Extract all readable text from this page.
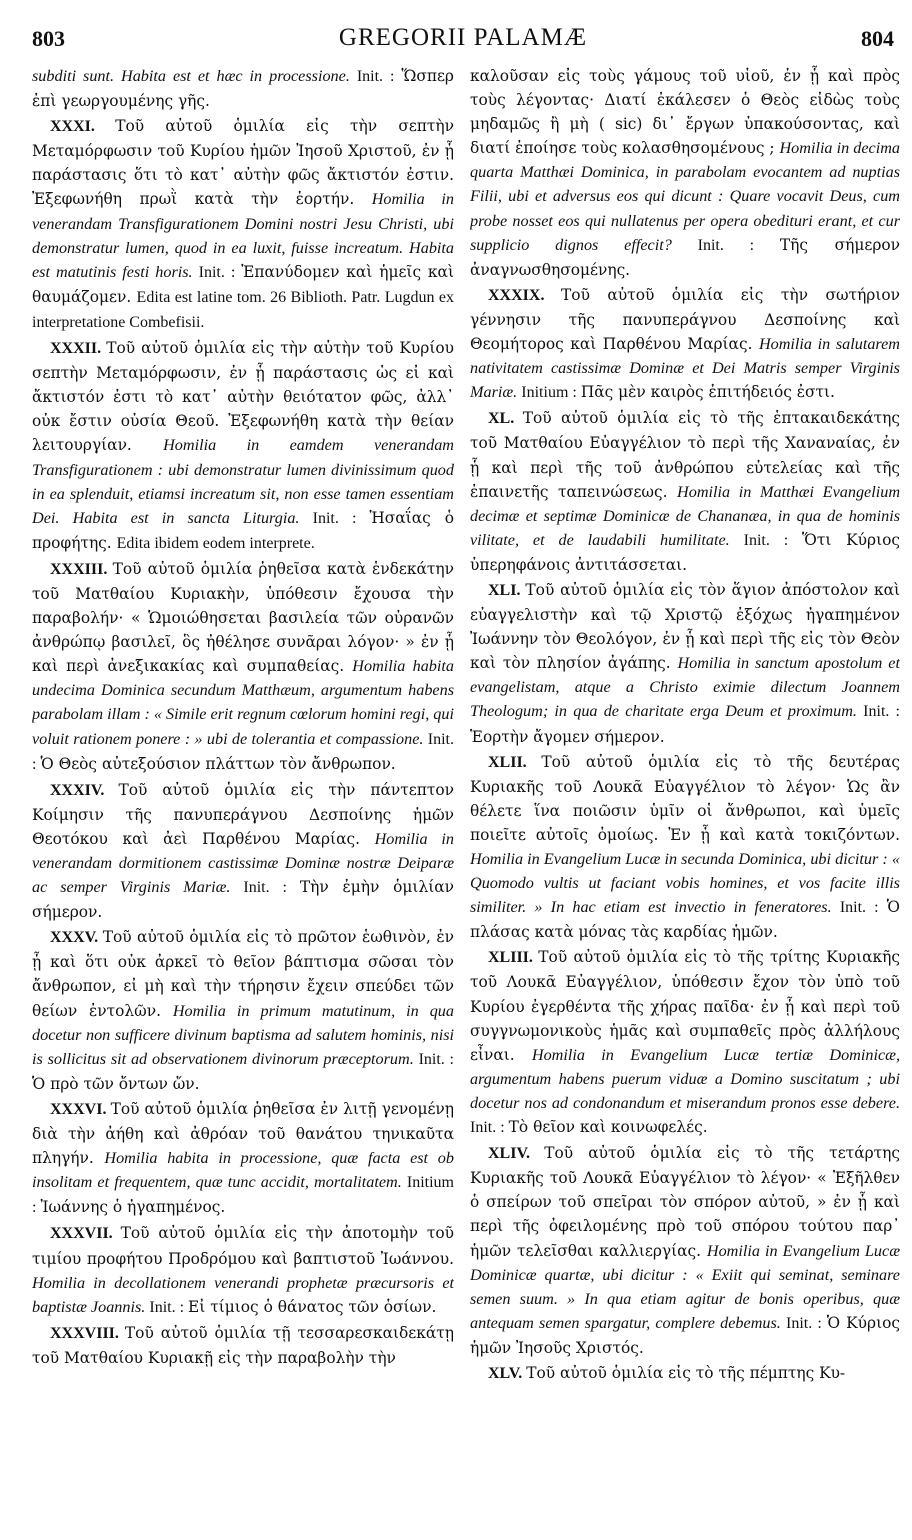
803	GREGORII PALAMÆ	804

subditi sunt. Habita est et hæc in processione. Init. : Ὥσπερ ἐπὶ γεωργουμένης γῆς.

XXXI. Τοῦ αὐτοῦ ὁμιλία εἰς τὴν σεπτὴν Μεταμόρφωσιν τοῦ Κυρίου ἡμῶν Ἰησοῦ Χριστοῦ, ἐν ᾗ παράστασις ὅτι τὸ κατ᾽ αὐτὴν φῶς ἄκτιστόν ἐστιν. Ἐξεφωνήθη πρωῒ κατὰ τὴν ἑορτήν. Homilia in venerandam Transfigurationem Domini nostri Jesu Christi, ubi demonstratur lumen, quod in ea luxit, fuisse increatum. Habita est matutinis festi horis. Init. : Ἐπανύδομεν καὶ ἡμεῖς καὶ θαυμάζομεν. Edita est latine tom. 26 Biblioth. Patr. Lugdun ex interpretatione Combefisii.

XXXII. Τοῦ αὐτοῦ ὁμιλία εἰς τὴν αὐτὴν τοῦ Κυρίου σεπτὴν Μεταμόρφωσιν, ἐν ᾗ παράστασις ὡς εἰ καὶ ἄκτιστόν ἐστι τὸ κατ᾽ αὐτὴν θειότατον φῶς, ἀλλ᾽ οὐκ ἔστιν οὐσία Θεοῦ. Ἐξεφωνήθη κατὰ τὴν θείαν λειτουργίαν. Homilia in eamdem venerandam Transfigurationem : ubi demonstratur lumen divinissimum quod in ea splenduit, etiamsi increatum sit, non esse tamen essentiam Dei. Habita est in sancta Liturgia. Init. : Ἡσαΐας ὁ προφήτης. Edita ibidem eodem interprete.

XXXIII. Τοῦ αὐτοῦ ὁμιλία ῥηθεῖσα κατὰ ἑνδεκάτην τοῦ Ματθαίου Κυριακὴν, ὑπόθεσιν ἔχουσα τὴν παραβολήν· « Ὡμοιώθησεται βασιλεία τῶν οὐρανῶν ἀνθρώπῳ βασιλεῖ, ὃς ἠθέλησε συνᾶραι λόγον· » ἐν ᾗ καὶ περὶ ἀνεξικακίας καὶ συμπαθείας. Homilia habita undecima Dominica secundum Matthæum, argumentum habens parabolam illam : « Simile erit regnum cœlorum homini regi, qui voluit rationem ponere : » ubi de tolerantia et compassione. Init. : Ὁ Θεὸς αὐτεξούσιον πλάττων τὸν ἄνθρωπον.

XXXIV. Τοῦ αὐτοῦ ὁμιλία εἰς τὴν πάντεπτον Κοίμησιν τῆς πανυπεράγνου Δεσποίνης ἡμῶν Θεοτόκου καὶ ἀεὶ Παρθένου Μαρίας. Homilia in venerandam dormitionem castissimæ Dominæ nostræ Deiparæ ac semper Virginis Mariæ. Init. : Τὴν ἐμὴν ὁμιλίαν σήμερον.

XXXV. Τοῦ αὐτοῦ ὁμιλία εἰς τὸ πρῶτον ἑωθινὸν, ἐν ᾗ καὶ ὅτι οὐκ ἀρκεῖ τὸ θεῖον βάπτισμα σῶσαι τὸν ἄνθρωπον, εἰ μὴ καὶ τὴν τήρησιν ἔχειν σπεύδει τῶν θείων ἐντολῶν. Homilia in primum matutinum, in qua docetur non sufficere divinum baptisma ad salutem hominis, nisi is sollicitus sit ad observationem divinorum præceptorum. Init. : Ὁ πρὸ τῶν ὄντων ὤν.

XXXVI. Τοῦ αὐτοῦ ὁμιλία ῥηθεῖσα ἐν λιτῇ γενομένῃ διὰ τὴν ἀήθη καὶ ἀθρόαν τοῦ θανάτου τηνικαῦτα πληγήν. Homilia habita in processione, quæ facta est ob insolitam et frequentem, quæ tunc accidit, mortalitatem. Initium : Ἰωάννης ὁ ἠγαπημένος.

XXXVII. Τοῦ αὐτοῦ ὁμιλία εἰς τὴν ἀποτομὴν τοῦ τιμίου προφήτου Προδρόμου καὶ βαπτιστοῦ Ἰωάννου. Homilia in decollationem venerandi prophetæ præcursoris et baptistæ Joannis. Init. : Εἰ τίμιος ὁ θάνατος τῶν ὁσίων.

XXXVIII. Τοῦ αὐτοῦ ὁμιλία τῇ τεσσαρεσκαιδεκάτῃ τοῦ Ματθαίου Κυριακῇ εἰς τὴν παραβολὴν τὴν

καλοῦσαν εἰς τοὺς γάμους τοῦ υἱοῦ, ἐν ᾗ καὶ πρὸς τοὺς λέγοντας· Διατί ἐκάλεσεν ὁ Θεὸς εἰδὼς τοὺς μηδαμῶς ἢ μὴ ( sic) δι᾽ ἔργων ὑπακούσοντας, καὶ διατί ἐποίησε τοὺς κολασθησομένους ; Homilia in decima quarta Matthæi Dominica, in parabolam evocantem ad nuptias Filii, ubi et adversus eos qui dicunt : Quare vocavit Deus, cum probe nosset eos qui nullatenus per opera obedituri erant, et cur supplicio dignos effecit? Init. : Τῆς σήμερον ἀναγνωσθησομένης.

XXXIX. Τοῦ αὐτοῦ ὁμιλία εἰς τὴν σωτήριον γέννησιν τῆς πανυπεράγνου Δεσποίνης καὶ Θεομήτορος καὶ Παρθένου Μαρίας. Homilia in salutarem nativitatem castissimæ Dominæ et Dei Matris semper Virginis Mariæ. Initium : Πᾶς μὲν καιρὸς ἐπιτήδειός ἐστι.

XL. Τοῦ αὐτοῦ ὁμιλία εἰς τὸ τῆς ἑπτακαιδεκάτης τοῦ Ματθαίου Εὐαγγέλιον τὸ περὶ τῆς Χαναναίας, ἐν ᾗ καὶ περὶ τῆς τοῦ ἀνθρώπου εὐτελείας καὶ τῆς ἐπαινετῆς ταπεινώσεως. Homilia in Matthæi Evangelium decimæ et septimæ Dominicæ de Chananæa, in qua de hominis vilitate, et de laudabili humilitate. Init. : Ὅτι Κύριος ὑπερηφάνοις ἀντιτάσσεται.

XLI. Τοῦ αὐτοῦ ὁμιλία εἰς τὸν ἅγιον ἀπόστολον καὶ εὐαγγελιστὴν καὶ τῷ Χριστῷ ἐξόχως ἠγαπημένον Ἰωάννην τὸν Θεολόγον, ἐν ᾗ καὶ περὶ τῆς εἰς τὸν Θεὸν καὶ τὸν πλησίον ἀγάπης. Homilia in sanctum apostolum et evangelistam, atque a Christo eximie dilectum Joannem Theologum; in qua de charitate erga Deum et proximum. Init. : Ἑορτὴν ἄγομεν σήμερον.

XLII. Τοῦ αὐτοῦ ὁμιλία εἰς τὸ τῆς δευτέρας Κυριακῆς τοῦ Λουκᾶ Εὐαγγέλιον τὸ λέγον· Ὡς ἂν θέλετε ἵνα ποιῶσιν ὑμῖν οἱ ἄνθρωποι, καὶ ὑμεῖς ποιεῖτε αὐτοῖς ὁμοίως. Ἐν ᾗ καὶ κατὰ τοκιζόντων. Homilia in Evangelium Lucæ in secunda Dominica, ubi dicitur : « Quomodo vultis ut faciant vobis homines, et vos facite illis similiter. » In hac etiam est invectio in feneratores. Init. : Ὁ πλάσας κατὰ μόνας τὰς καρδίας ἡμῶν.

XLIII. Τοῦ αὐτοῦ ὁμιλία εἰς τὸ τῆς τρίτης Κυριακῆς τοῦ Λουκᾶ Εὐαγγέλιον, ὑπόθεσιν ἔχον τὸν ὑπὸ τοῦ Κυρίου ἐγερθέντα τῆς χήρας παῖδα· ἐν ᾗ καὶ περὶ τοῦ συγγνωμονικοὺς ἡμᾶς καὶ συμπαθεῖς πρὸς ἀλλήλους εἶναι. Homilia in Evangelium Lucæ tertiæ Dominicæ, argumentum habens puerum viduæ a Domino suscitatum ; ubi docetur nos ad condonandum et miserandum pronos esse debere. Init. : Τὸ θεῖον καὶ κοινωφελές.

XLIV. Τοῦ αὐτοῦ ὁμιλία εἰς τὸ τῆς τετάρτης Κυριακῆς τοῦ Λουκᾶ Εὐαγγέλιον τὸ λέγον· « Ἐξῆλθεν ὁ σπείρων τοῦ σπεῖραι τὸν σπόρον αὐτοῦ, » ἐν ᾗ καὶ περὶ τῆς ὀφειλομένης πρὸ τοῦ σπόρου τούτου παρ᾽ ἡμῶν τελεῖσθαι καλλιεργίας. Homilia in Evangelium Lucæ Dominicæ quartæ, ubi dicitur : « Exiit qui seminat, seminare semen suum. » In qua etiam agitur de bonis operibus, quæ antequam semen spargatur, complere debemus. Init. : Ὁ Κύριος ἡμῶν Ἰησοῦς Χριστός.

XLV. Τοῦ αὐτοῦ ὁμιλία εἰς τὸ τῆς πέμπτης Κυ-
